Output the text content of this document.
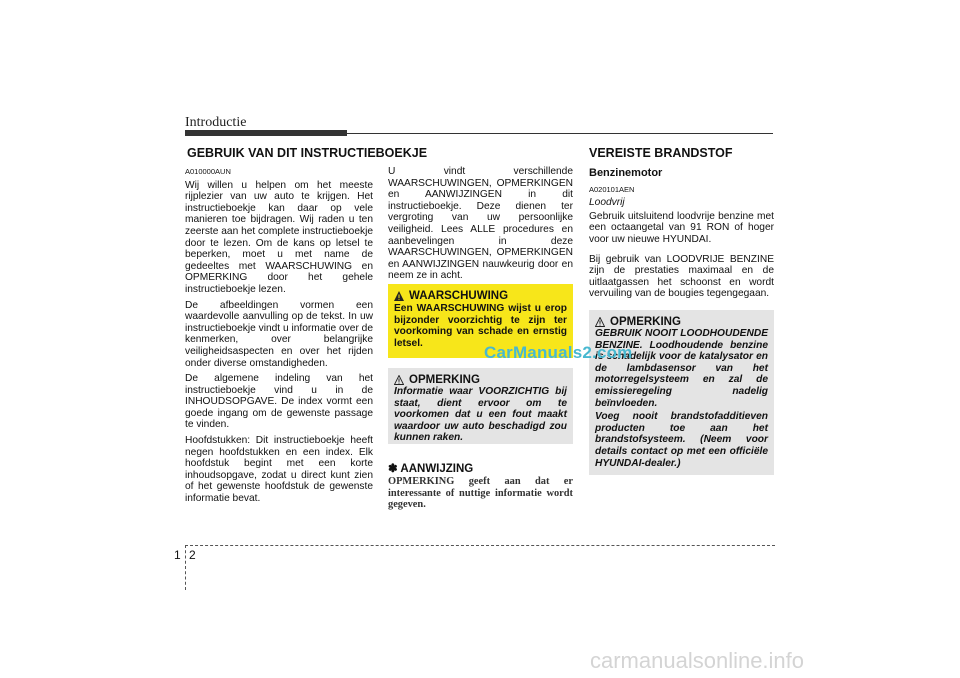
Introductie
GEBRUIK VAN DIT INSTRUCTIEBOEKJE
A010000AUN

Wij willen u helpen om het meeste rijplezier van uw auto te krijgen. Het instructieboekje kan daar op vele manieren toe bijdragen. Wij raden u ten zeerste aan het complete instructieboekje door te lezen. Om de kans op letsel te beperken, moet u met name de gedeeltes met WAARSCHUWING en OPMERKING door het gehele instructieboekje lezen.

De afbeeldingen vormen een waardevolle aanvulling op de tekst. In uw instructieboekje vindt u informatie over de kenmerken, over belangrijke veiligheidsaspecten en over het rijden onder diverse omstandigheden.

De algemene indeling van het instructieboekje vind u in de INHOUDSOPGAVE. De index vormt een goede ingang om de gewenste passage te vinden.

Hoofdstukken: Dit instructieboekje heeft negen hoofdstukken en een index. Elk hoofdstuk begint met een korte inhoudsopgave, zodat u direct kunt zien of het gewenste hoofdstuk de gewenste informatie bevat.

U vindt verschillende WAARSCHUWINGEN, OPMERKINGEN en AANWIJZINGEN in dit instructieboekje. Deze dienen ter vergroting van uw persoonlijke veiligheid. Lees ALLE procedures en aanbevelingen in deze WAARSCHUWINGEN, OPMERKINGEN en AANWIJZINGEN nauwkeurig door en neem ze in acht.

WAARSCHUWING
Een WAARSCHUWING wijst u erop bijzonder voorzichtig te zijn ter voorkoming van schade en ernstig letsel.
OPMERKING
Informatie waar VOORZICHTIG bij staat, dient ervoor om te voorkomen dat u een fout maakt waardoor uw auto beschadigd zou kunnen raken.
✽ AANWIJZING
OPMERKING geeft aan dat er interessante of nuttige informatie wordt gegeven.
VEREISTE BRANDSTOF
Benzinemotor
A020101AEN
Loodvrij

Gebruik uitsluitend loodvrije benzine met een octaangetal van 91 RON of hoger voor uw nieuwe HYUNDAI.

Bij gebruik van LOODVRIJE BENZINE zijn de prestaties maximaal en de uitlaatgassen het schoonst en wordt vervuiling van de bougies tegengegaan.

OPMERKING
GEBRUIK NOOIT LOODHOUDENDE BENZINE. Loodhoudende benzine is schadelijk voor de katalysator en de lambdasensor van het motorregelsysteem en zal de emissieregeling nadelig beïnvloeden.
Voeg nooit brandstofadditieven producten toe aan het brandstofsysteem. (Neem voor details contact op met een officiële HYUNDAI-dealer.)
CarManuals2.com
1 2
carmanualsonline.info
